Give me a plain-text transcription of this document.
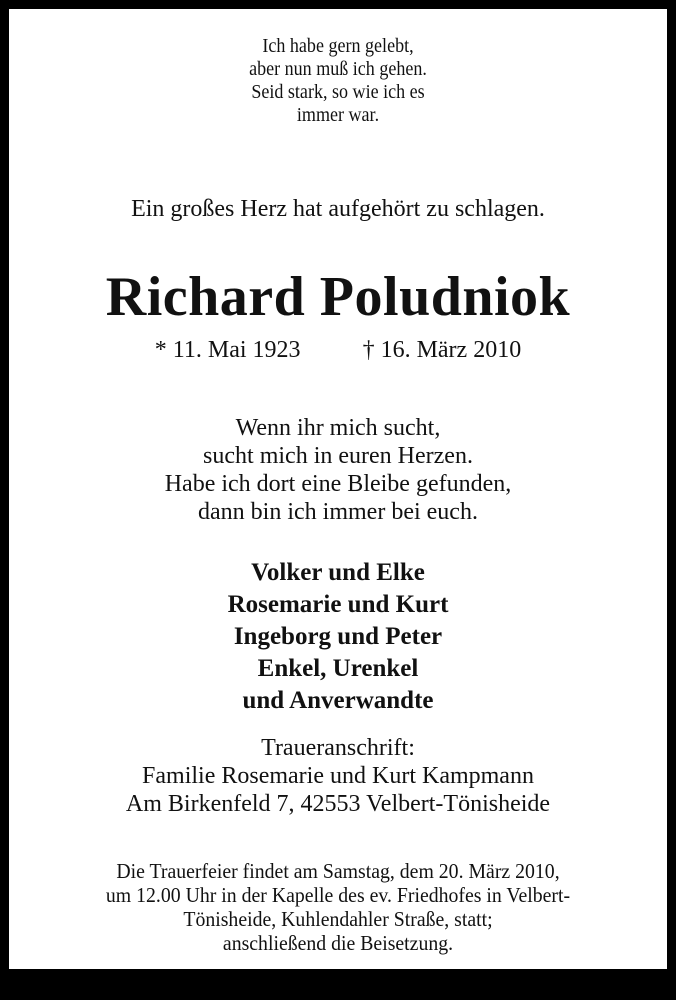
Ich habe gern gelebt,
aber nun muß ich gehen.
Seid stark, so wie ich es
immer war.
Ein großes Herz hat aufgehört zu schlagen.
Richard Poludniok
* 11. Mai 1923	† 16. März 2010
Wenn ihr mich sucht,
sucht mich in euren Herzen.
Habe ich dort eine Bleibe gefunden,
dann bin ich immer bei euch.
Volker und Elke
Rosemarie und Kurt
Ingeborg und Peter
Enkel, Urenkel
und Anverwandte
Traueranschrift:
Familie Rosemarie und Kurt Kampmann
Am Birkenfeld 7, 42553 Velbert-Tönisheide
Die Trauerfeier findet am Samstag, dem 20. März 2010,
um 12.00 Uhr in der Kapelle des ev. Friedhofes in Velbert-
Tönisheide, Kuhlendahler Straße, statt;
anschließend die Beisetzung.
